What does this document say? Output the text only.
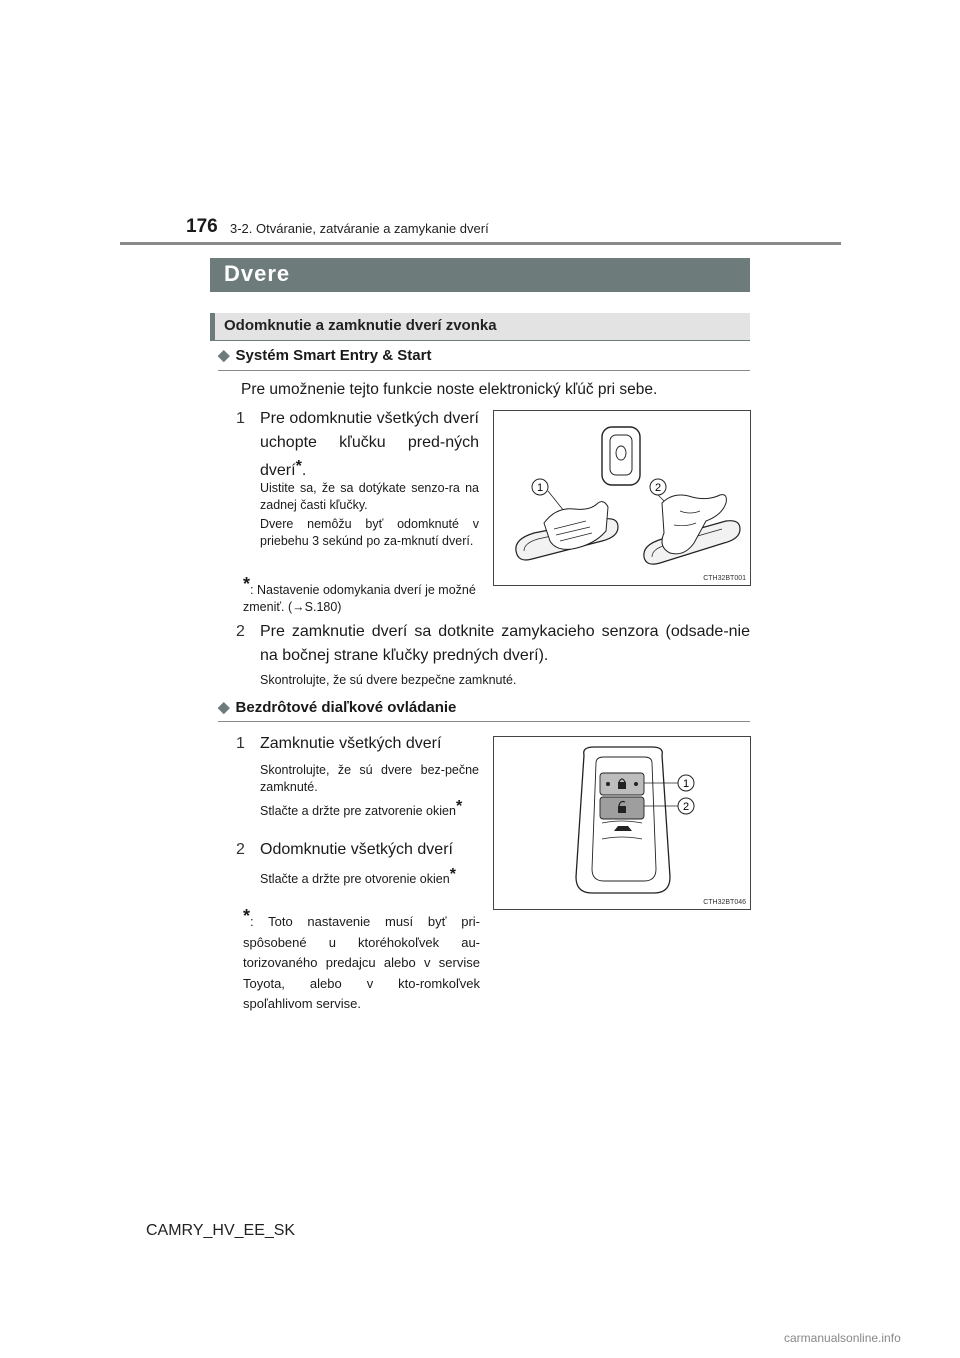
176 3-2. Otváranie, zatváranie a zamykanie dverí
Dvere
Odomknutie a zamknutie dverí zvonka
◆ Systém Smart Entry & Start
Pre umožnenie tejto funkcie noste elektronický kľúč pri sebe.
1 Pre odomknutie všetkých dverí uchopte kľučku pred-ných dverí*.
Uistite sa, že sa dotýkate senzo-ra na zadnej časti kľučky.
Dvere nemôžu byť odomknuté v priebehu 3 sekúnd po za-mknutí dverí.
*: Nastavenie odomykania dverí je možné zmeniť. (→S.180)
1	2
CTH32BT001
2 Pre zamknutie dverí sa dotknite zamykacieho senzora (odsade-nie na bočnej strane kľučky predných dverí).
Skontrolujte, že sú dvere bezpečne zamknuté.
◆ Bezdrôtové diaľkové ovládanie
1 Zamknutie všetkých dverí
Skontrolujte, že sú dvere bez-pečne zamknuté.
Stlačte a držte pre zatvorenie okien*
2 Odomknutie všetkých dverí
Stlačte a držte pre otvorenie okien*
*: Toto nastavenie musí byť pri-spôsobené u ktoréhokoľvek au-torizovaného predajcu alebo v servise Toyota, alebo v kto-romkoľvek spoľahlivom servise.
1
2
CTH32BT046
CAMRY_HV_EE_SK
carmanualsonline.info
